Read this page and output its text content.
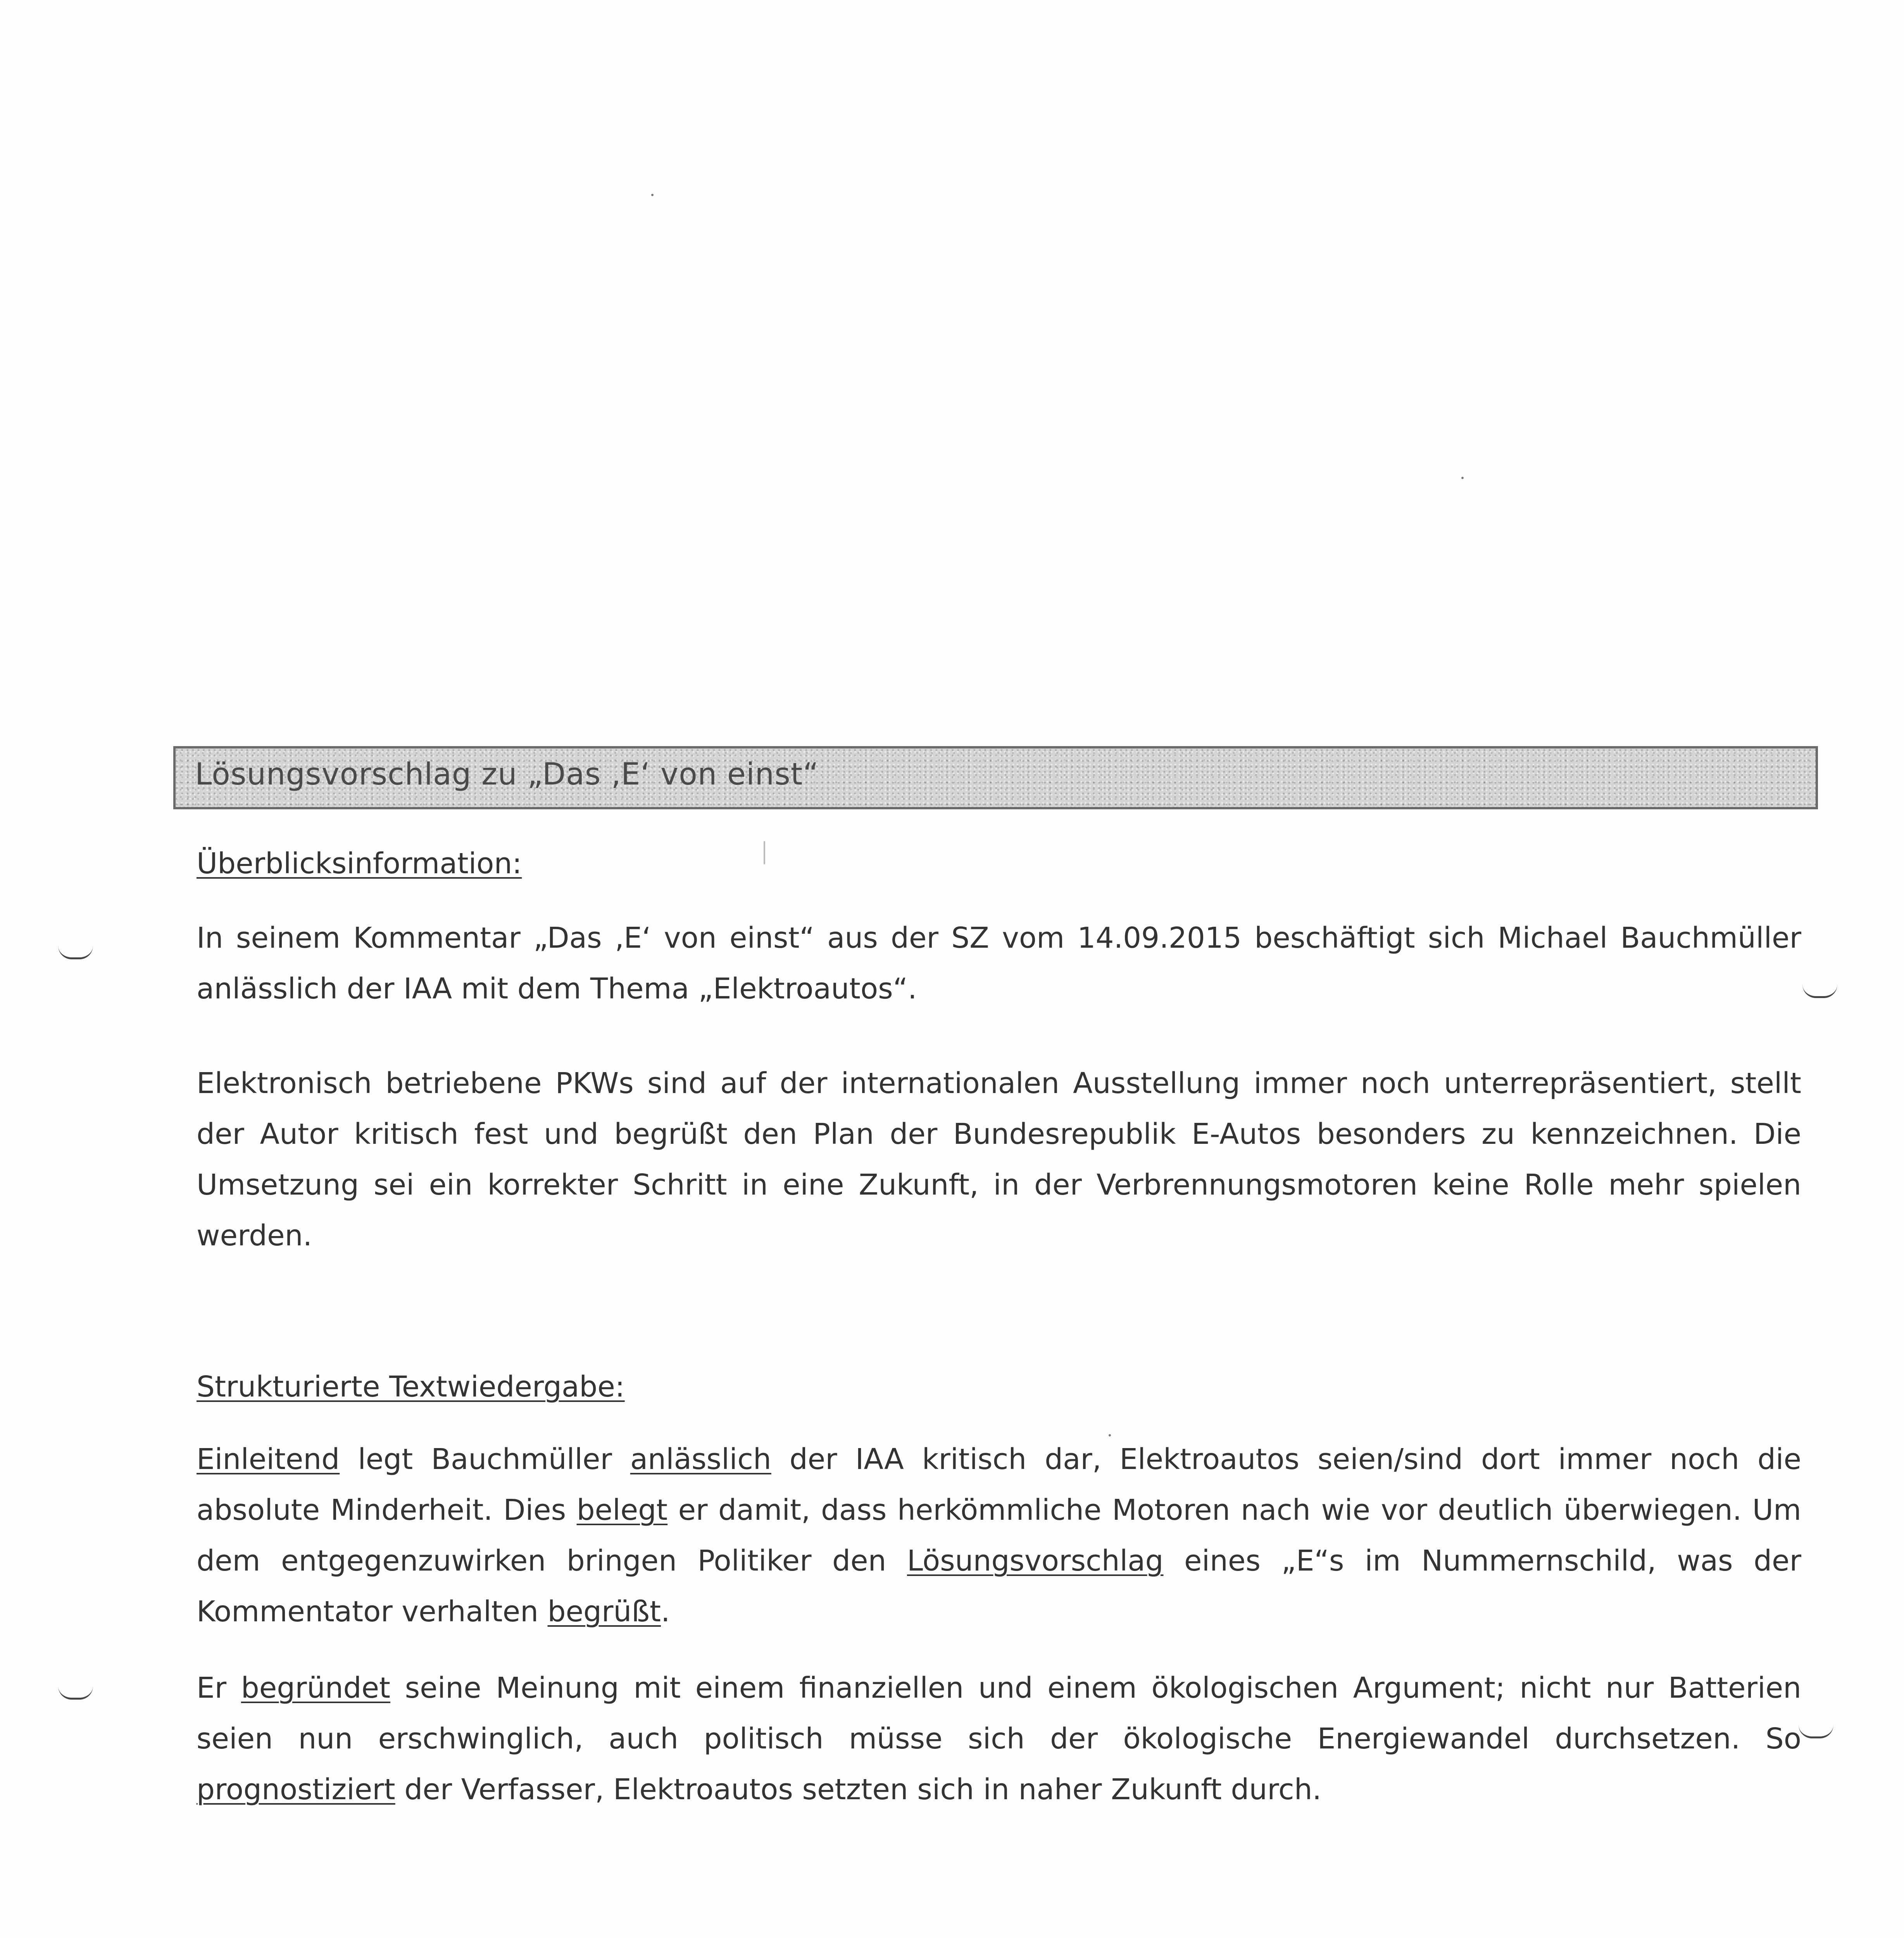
Lösungsvorschlag zu „Das ‚E‘ von einst“
Überblicksinformation:
In seinem Kommentar „Das ‚E‘ von einst“ aus der SZ vom 14.09.2015 beschäftigt sich Michael Bauchmüller anlässlich der IAA mit dem Thema „Elektroautos“.
Elektronisch betriebene PKWs sind auf der internationalen Ausstellung immer noch unterrepräsentiert, stellt der Autor kritisch fest und begrüßt den Plan der Bundesrepublik E-Autos besonders zu kennzeichnen. Die Umsetzung sei ein korrekter Schritt in eine Zukunft, in der Verbrennungsmotoren keine Rolle mehr spielen werden.
Strukturierte Textwiedergabe:
Einleitend legt Bauchmüller anlässlich der IAA kritisch dar, Elektroautos seien/sind dort immer noch die absolute Minderheit. Dies belegt er damit, dass herkömmliche Motoren nach wie vor deutlich überwiegen. Um dem entgegenzuwirken bringen Politiker den Lösungsvorschlag eines „E“s im Nummernschild, was der Kommentator verhalten begrüßt.
Er begründet seine Meinung mit einem finanziellen und einem ökologischen Argument; nicht nur Batterien seien nun erschwinglich, auch politisch müsse sich der ökologische Energiewandel durchsetzen. So prognostiziert der Verfasser, Elektroautos setzten sich in naher Zukunft durch.
